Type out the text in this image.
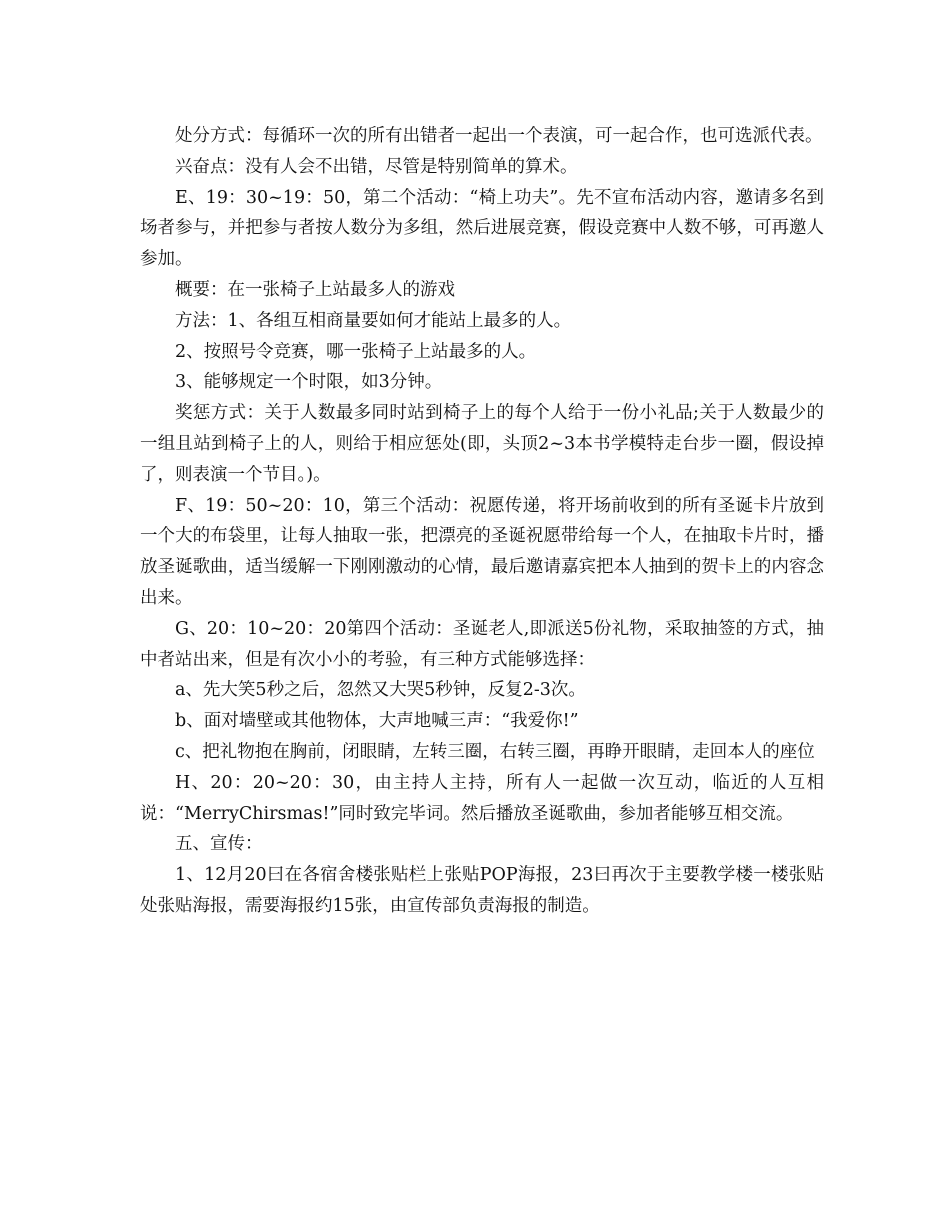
处分方式：每循环一次的所有出错者一起出一个表演，可一起合作，也可选派代表。

兴奋点：没有人会不出错，尽管是特别简单的算术。

E、19：30~19：50，第二个活动：“椅上功夫”。先不宣布活动内容，邀请多名到场者参与，并把参与者按人数分为多组，然后进展竞赛，假设竞赛中人数不够，可再邀人参加。

概要：在一张椅子上站最多人的游戏

方法：1、各组互相商量要如何才能站上最多的人。

2、按照号令竞赛，哪一张椅子上站最多的人。

3、能够规定一个时限，如3分钟。

奖惩方式：关于人数最多同时站到椅子上的每个人给于一份小礼品;关于人数最少的一组且站到椅子上的人，则给于相应惩处(即，头顶2~3本书学模特走台步一圈，假设掉了，则表演一个节目。)。

F、19：50~20：10，第三个活动：祝愿传递，将开场前收到的所有圣诞卡片放到一个大的布袋里，让每人抽取一张，把漂亮的圣诞祝愿带给每一个人，在抽取卡片时，播放圣诞歌曲，适当缓解一下刚刚激动的心情，最后邀请嘉宾把本人抽到的贺卡上的内容念出来。

G、20：10~20：20第四个活动：圣诞老人,即派送5份礼物，采取抽签的方式，抽中者站出来，但是有次小小的考验，有三种方式能够选择：

a、先大笑5秒之后，忽然又大哭5秒钟，反复2-3次。

b、面对墙壁或其他物体，大声地喊三声：“我爱你!”

c、把礼物抱在胸前，闭眼睛，左转三圈，右转三圈，再睁开眼睛，走回本人的座位

H、20：20~20：30，由主持人主持，所有人一起做一次互动，临近的人互相说：“MerryChirsmas!”同时致完毕词。然后播放圣诞歌曲，参加者能够互相交流。

五、宣传：

1、12月20曰在各宿舍楼张贴栏上张贴POP海报，23曰再次于主要教学楼一楼张贴处张贴海报，需要海报约15张，由宣传部负责海报的制造。
